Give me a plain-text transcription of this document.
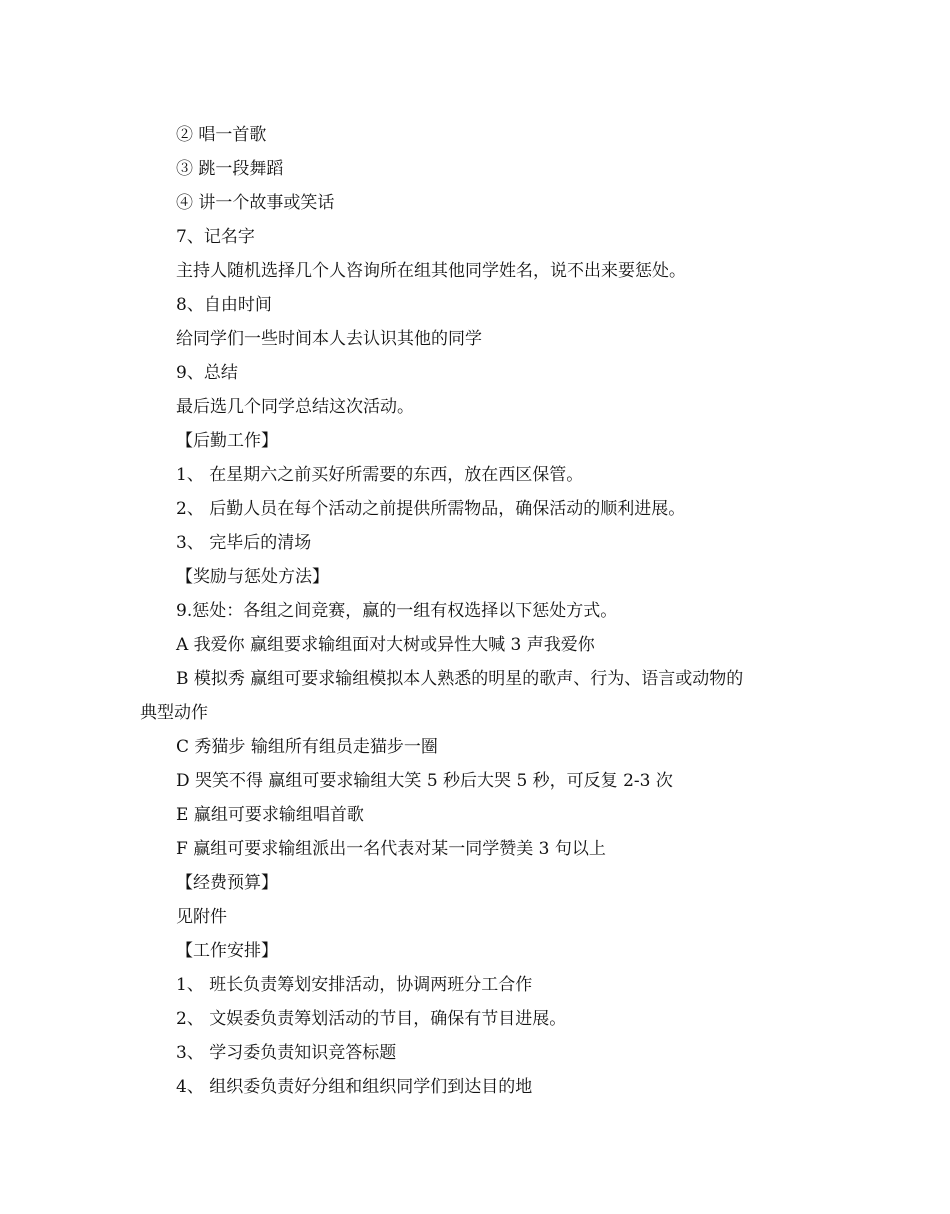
② 唱一首歌
③ 跳一段舞蹈
④ 讲一个故事或笑话
7、记名字
主持人随机选择几个人咨询所在组其他同学姓名，说不出来要惩处。
8、自由时间
给同学们一些时间本人去认识其他的同学
9、总结
最后选几个同学总结这次活动。
【后勤工作】
1、 在星期六之前买好所需要的东西，放在西区保管。
2、 后勤人员在每个活动之前提供所需物品，确保活动的顺利进展。
3、 完毕后的清场
【奖励与惩处方法】
9.惩处：各组之间竞赛，赢的一组有权选择以下惩处方式。
A 我爱你 赢组要求输组面对大树或异性大喊 3 声我爱你
B 模拟秀 赢组可要求输组模拟本人熟悉的明星的歌声、行为、语言或动物的
典型动作
C 秀猫步 输组所有组员走猫步一圈
D 哭笑不得 赢组可要求输组大笑 5 秒后大哭 5 秒，可反复 2-3 次
E 赢组可要求输组唱首歌
F 赢组可要求输组派出一名代表对某一同学赞美 3 句以上
【经费预算】
见附件
【工作安排】
1、 班长负责筹划安排活动，协调两班分工合作
2、 文娱委负责筹划活动的节目，确保有节目进展。
3、 学习委负责知识竞答标题
4、 组织委负责好分组和组织同学们到达目的地
